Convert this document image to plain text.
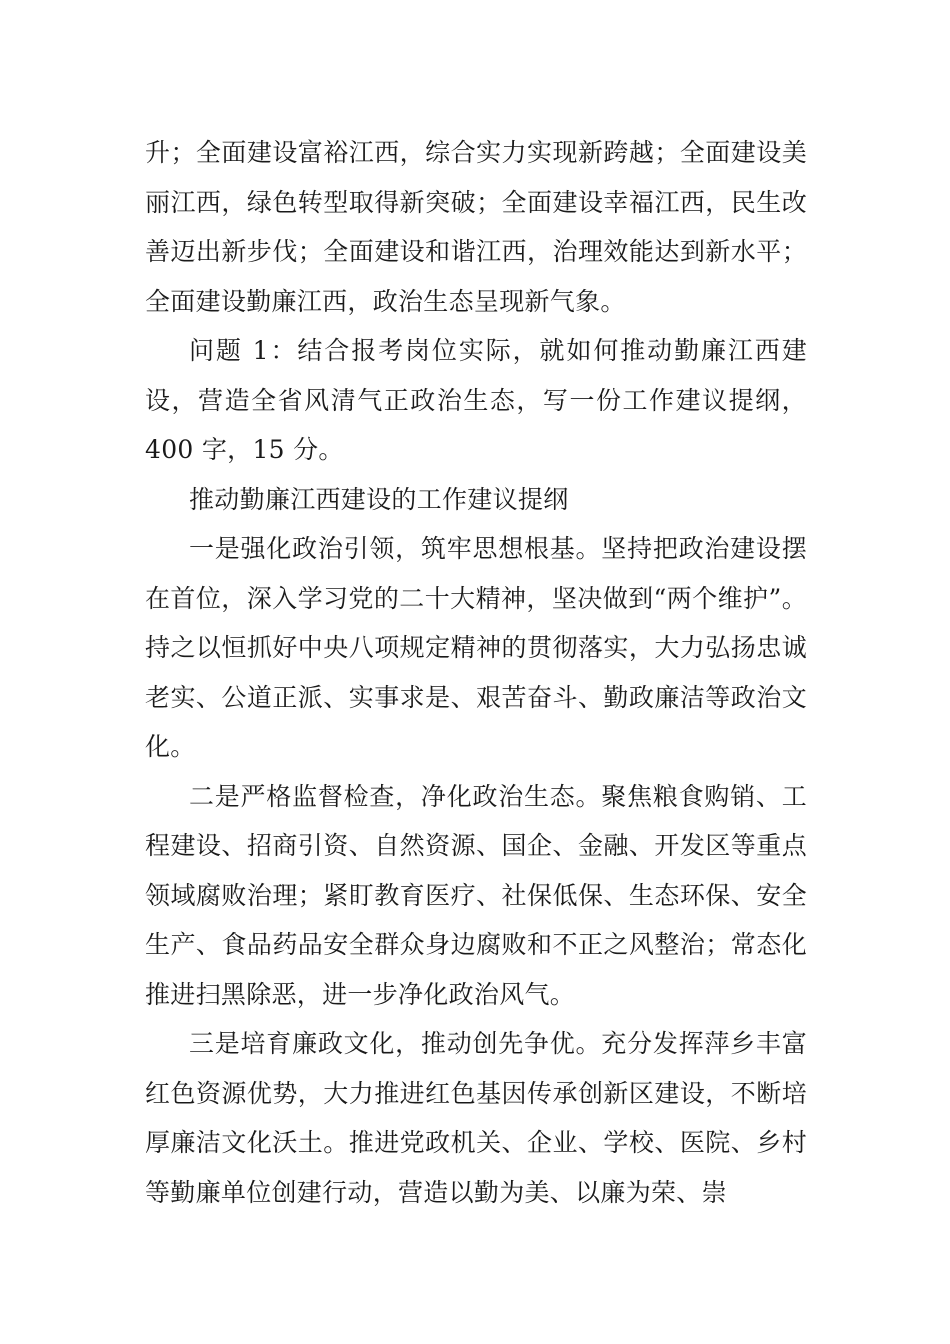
升；全面建设富裕江西，综合实力实现新跨越；全面建设美丽江西，绿色转型取得新突破；全面建设幸福江西，民生改善迈出新步伐；全面建设和谐江西，治理效能达到新水平；全面建设勤廉江西，政治生态呈现新气象。

问题 1：结合报考岗位实际，就如何推动勤廉江西建设，营造全省风清气正政治生态，写一份工作建议提纲，400 字，15 分。

推动勤廉江西建设的工作建议提纲

一是强化政治引领，筑牢思想根基。坚持把政治建设摆在首位，深入学习党的二十大精神，坚决做到“两个维护”。持之以恒抓好中央八项规定精神的贯彻落实，大力弘扬忠诚老实、公道正派、实事求是、艰苦奋斗、勤政廉洁等政治文化。

二是严格监督检查，净化政治生态。聚焦粮食购销、工程建设、招商引资、自然资源、国企、金融、开发区等重点领域腐败治理；紧盯教育医疗、社保低保、生态环保、安全生产、食品药品安全群众身边腐败和不正之风整治；常态化推进扫黑除恶，进一步净化政治风气。

三是培育廉政文化，推动创先争优。充分发挥萍乡丰富红色资源优势，大力推进红色基因传承创新区建设，不断培厚廉洁文化沃土。推进党政机关、企业、学校、医院、乡村等勤廉单位创建行动，营造以勤为美、以廉为荣、崇
